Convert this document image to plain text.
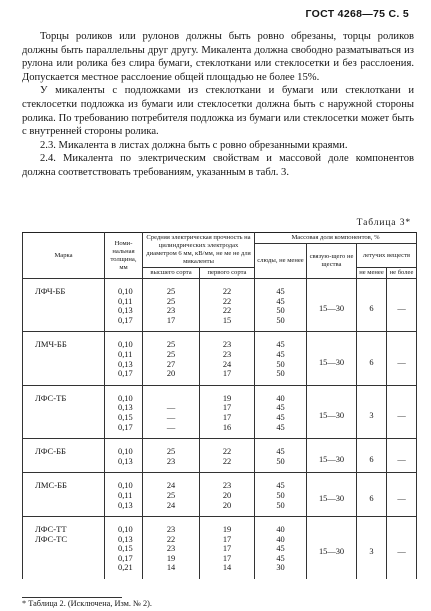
ГОСТ 4268—75 С. 5

Торцы роликов или рулонов должны быть ровно обрезаны, торцы роликов должны быть параллельны друг другу. Микалента должна свободно разматываться из рулона или ролика без слира бумаги, стеклоткани или стеклосетки и без расслоения. Допускается местное расслоение общей площадью не более 15%.

У микаленты с подложками из стеклоткани и бумаги или стеклоткани и стеклосетки подложка из бумаги или стеклосетки должна быть с наружной стороны ролика. По требованию потребителя подложка из бумаги или стеклосетки может быть с внутренней стороны ролика.

2.3. Микалента в листах должна быть с ровно обрезанными краями.

2.4. Микалента по электрическим свойствам и массовой доле компонентов должна соответствовать требованиям, указанным в табл. 3.

Таблица 3*
Марка	Номи-нальная толщина, мм	Средняя электрическая прочность на цилиндрических электродах диаметром 6 мм, кВ/мм, не ме не для микаленты		Массовая доля компонентов, %			
				слюды, не менее	связую-щего не щества	летучих веществ	
		высшего сорта	первого сорта			не менее	не более
ЛФЧ-ББ	0,10	25	22	45	15—30	6	—
	0,11	25	22	45			
	0,13	23	22	50			
	0,17	17	15	50			
ЛМЧ-ББ	0,10	25	23	45	15—30	6	—
	0,11	25	23	45			
	0,13	27	24	50			
	0,17	20	17	50			
ЛФС-ТБ	0,10		19	40	15—30	3	—
	0,13	—	17	45			
	0,15	—	17	45			
	0,17	—	16	45			
ЛФС-ББ	0,10	25	22	45	15—30	6	—
	0,13	23	22	50			
ЛМС-ББ	0,10	24	23	45	15—30	6	—
	0,11	25	20	50			
	0,13	24	20	50			
ЛФС-ТТ
ЛФС-ТС	0,10	23	19	40	15—30	3	—
	0,13	22	17	40			
	0,15	23	17	45			
	0,17	19	17	45			
	0,21	14	14	30			
* Таблица 2. (Исключена, Изм. № 2).
